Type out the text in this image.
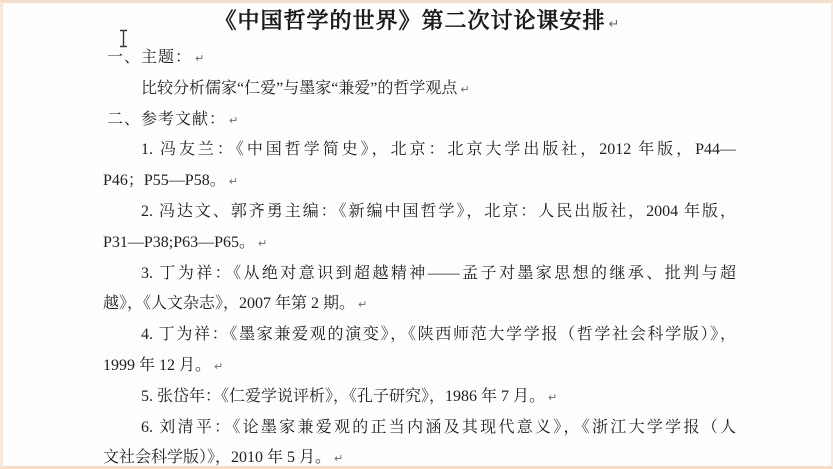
《中国哲学的世界》第二次讨论课安排 ↵
一、主题： ↵
比较分析儒家“仁爱”与墨家“兼爱”的哲学观点 ↵
二、参考文献： ↵
1. 冯友兰：《中国哲学简史》，北京：北京大学出版社，2012 年版，P44—
P46；P55—P58。 ↵
2. 冯达文、郭齐勇主编：《新编中国哲学》，北京：人民出版社，2004 年版，
P31—P38;P63—P65。 ↵
3. 丁为祥：《从绝对意识到超越精神——孟子对墨家思想的继承、批判与超
越》，《人文杂志》，2007 年第 2 期。 ↵
4. 丁为祥：《墨家兼爱观的演变》，《陕西师范大学学报（哲学社会科学版）》，
1999 年 12 月。 ↵
5. 张岱年：《仁爱学说评析》，《孔子研究》，1986 年 7 月。 ↵
6. 刘清平：《论墨家兼爱观的正当内涵及其现代意义》，《浙江大学学报（人
文社会科学版）》，2010 年 5 月。 ↵
